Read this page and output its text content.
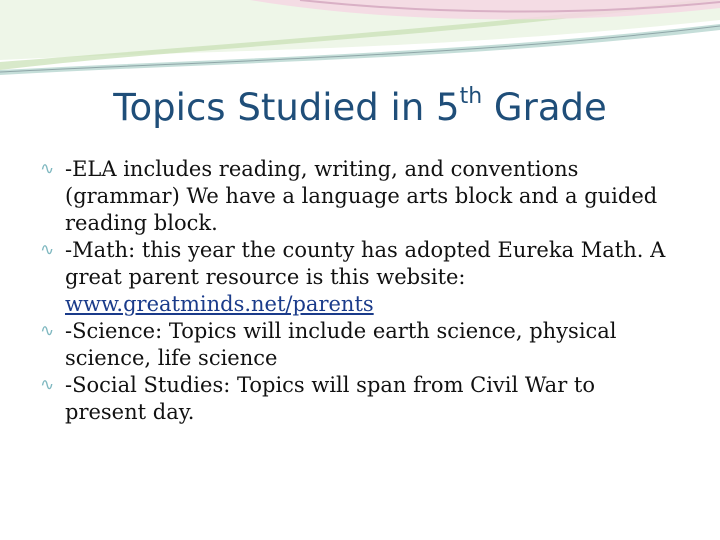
Topics Studied in 5th Grade
∿ -ELA includes reading, writing, and conventions (grammar) We have a language arts block and a guided reading block.
∿ -Math: this year the county has adopted Eureka Math. A great parent resource is this website: www.greatminds.net/parents
∿ -Science: Topics will include earth science, physical science, life science
∿ -Social Studies: Topics will span from Civil War to present day.
